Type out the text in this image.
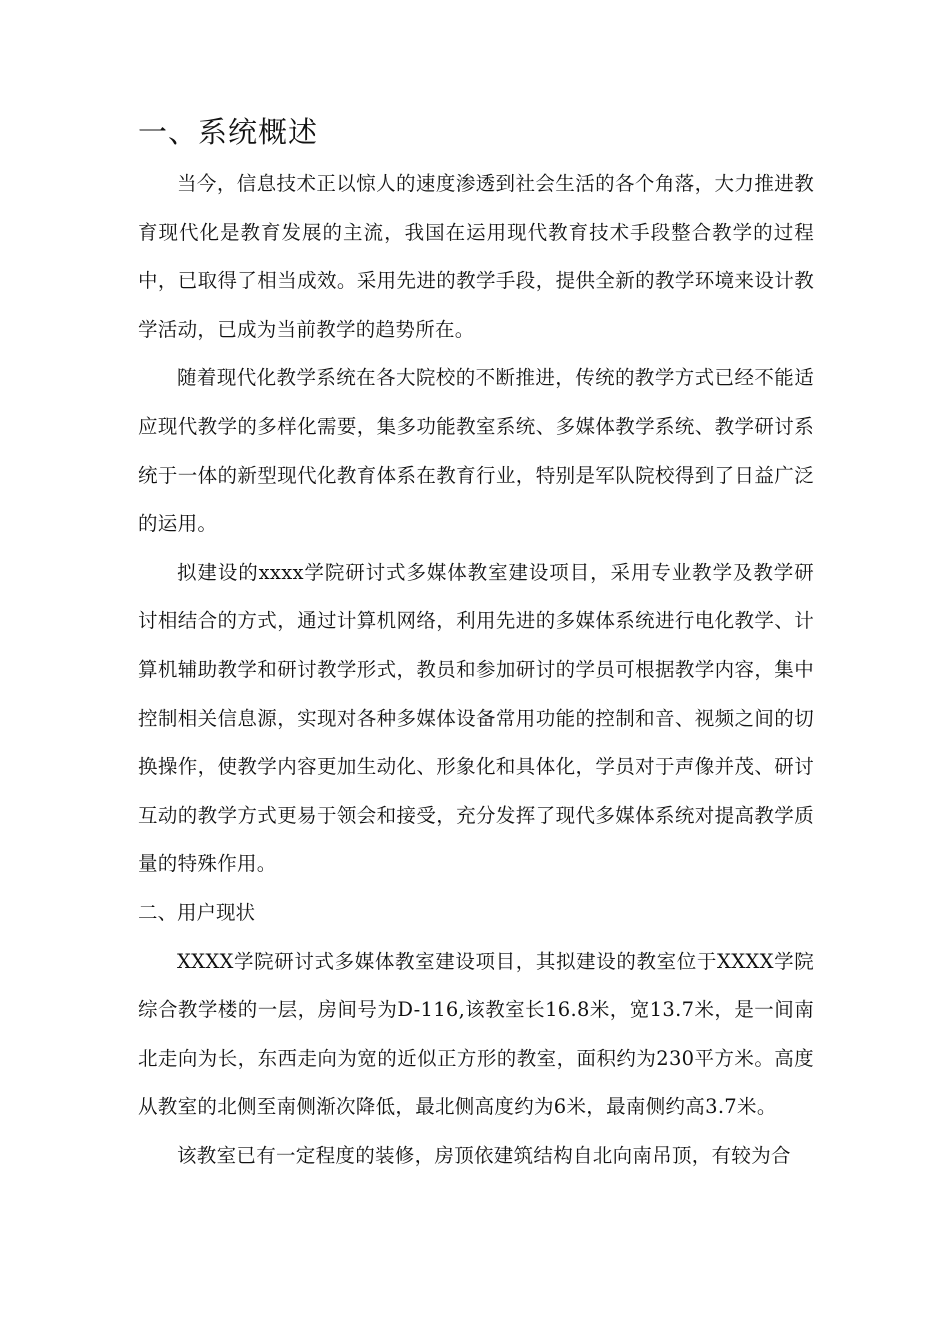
一、系统概述

当今，信息技术正以惊人的速度渗透到社会生活的各个角落，大力推进教育现代化是教育发展的主流，我国在运用现代教育技术手段整合教学的过程中，已取得了相当成效。采用先进的教学手段，提供全新的教学环境来设计教学活动，已成为当前教学的趋势所在。

随着现代化教学系统在各大院校的不断推进，传统的教学方式已经不能适应现代教学的多样化需要，集多功能教室系统、多媒体教学系统、教学研讨系统于一体的新型现代化教育体系在教育行业，特别是军队院校得到了日益广泛的运用。

拟建设的xxxx学院研讨式多媒体教室建设项目，采用专业教学及教学研讨相结合的方式，通过计算机网络，利用先进的多媒体系统进行电化教学、计算机辅助教学和研讨教学形式，教员和参加研讨的学员可根据教学内容，集中控制相关信息源，实现对各种多媒体设备常用功能的控制和音、视频之间的切换操作，使教学内容更加生动化、形象化和具体化，学员对于声像并茂、研讨互动的教学方式更易于领会和接受，充分发挥了现代多媒体系统对提高教学质量的特殊作用。

二、用户现状

XXXX学院研讨式多媒体教室建设项目，其拟建设的教室位于XXXX学院综合教学楼的一层，房间号为D-116,该教室长16.8米，宽13.7米，是一间南北走向为长，东西走向为宽的近似正方形的教室，面积约为230平方米。高度从教室的北侧至南侧渐次降低，最北侧高度约为6米，最南侧约高3.7米。

该教室已有一定程度的装修，房顶依建筑结构自北向南吊顶，有较为合
